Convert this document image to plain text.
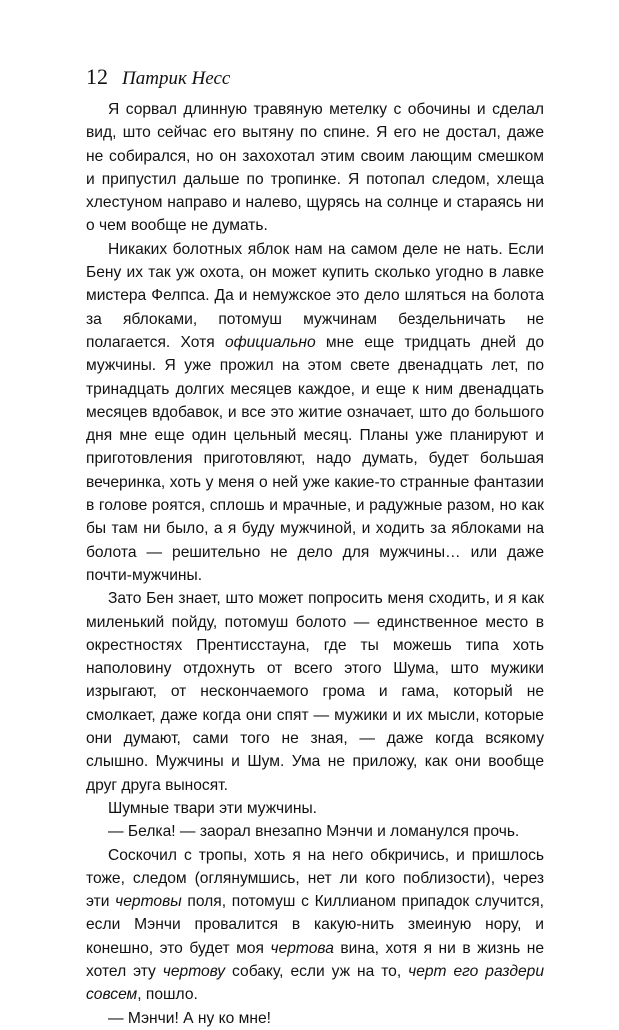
12 Патрик Несс

Я сорвал длинную травяную метелку с обочины и сделал вид, што сейчас его вытяну по спине. Я его не достал, даже не собирался, но он захохотал этим своим лающим смешком и припустил дальше по тропинке. Я потопал следом, хлеща хлестуном направо и налево, щурясь на солнце и стараясь ни о чем вообще не думать.

Никаких болотных яблок нам на самом деле не нать. Если Бену их так уж охота, он может купить сколько угодно в лавке мистера Фелпса. Да и немужское это дело шляться на болота за яблоками, потомуш мужчинам бездельничать не полагается. Хотя официально мне еще тридцать дней до мужчины. Я уже прожил на этом свете двенадцать лет, по тринадцать долгих месяцев каждое, и еще к ним двенадцать месяцев вдобавок, и все это житие означает, што до большого дня мне еще один цельный месяц. Планы уже планируют и приготовления приготовляют, надо думать, будет большая вечеринка, хоть у меня о ней уже какие-то странные фантазии в голове роятся, сплошь и мрачные, и радужные разом, но как бы там ни было, а я буду мужчиной, и ходить за яблоками на болота — решительно не дело для мужчины… или даже почти-мужчины.

Зато Бен знает, што может попросить меня сходить, и я как миленький пойду, потомуш болото — единственное место в окрестностях Прентисстауна, где ты можешь типа хоть наполовину отдохнуть от всего этого Шума, што мужики изрыгают, от нескончаемого грома и гама, который не смолкает, даже когда они спят — мужики и их мысли, которые они думают, сами того не зная, — даже когда всякому слышно. Мужчины и Шум. Ума не приложу, как они вообще друг друга выносят.

Шумные твари эти мужчины.

— Белка! — заорал внезапно Мэнчи и ломанулся прочь.

Соскочил с тропы, хоть я на него обкричись, и пришлось тоже, следом (оглянумшись, нет ли кого поблизости), через эти чертовы поля, потомуш с Киллианом припадок случится, если Мэнчи провалится в какую-нить змеиную нору, и конешно, это будет моя чертова вина, хотя я ни в жизнь не хотел эту чертову собаку, если уж на то, черт его раздери совсем, пошло.

— Мэнчи! А ну ко мне!
